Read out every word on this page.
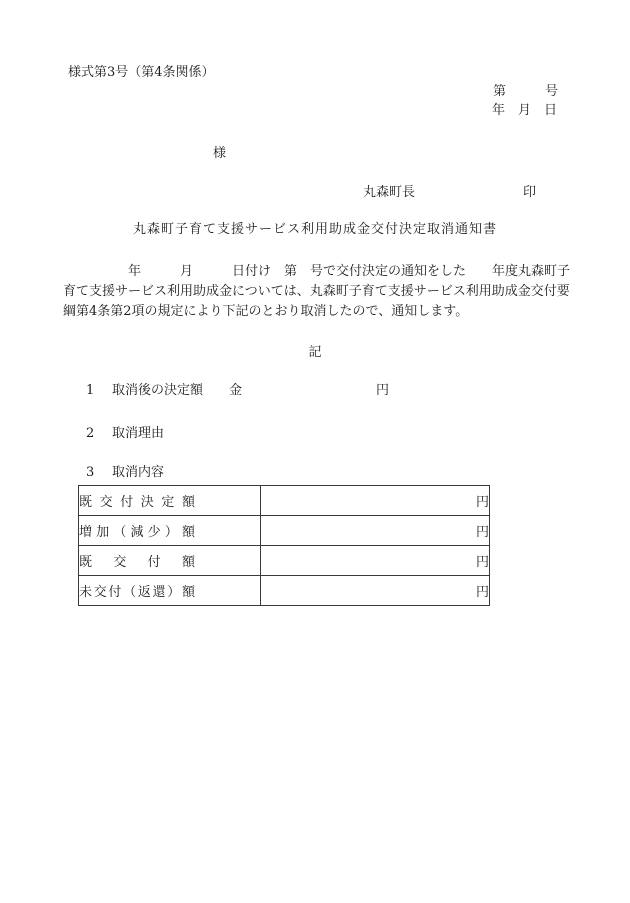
様式第3号（第4条関係）
第　　　号
年　月　日
様
丸森町長	印
丸森町子育て支援サービス利用助成金交付決定取消通知書

　　　　　年　　　月　　　日付け　第　号で交付決定の通知をした　　年度丸森町子

育て支援サービス利用助成金については、丸森町子育て支援サービス利用助成金交付要

綱第4条第2項の規定により下記のとおり取消したので、通知します。

記
1 取消後の決定額 金	円
2 取消理由
3 取消内容
既交付決定額	円
増加（減少）額	円
既交付額	円
未交付（返還）額	円
